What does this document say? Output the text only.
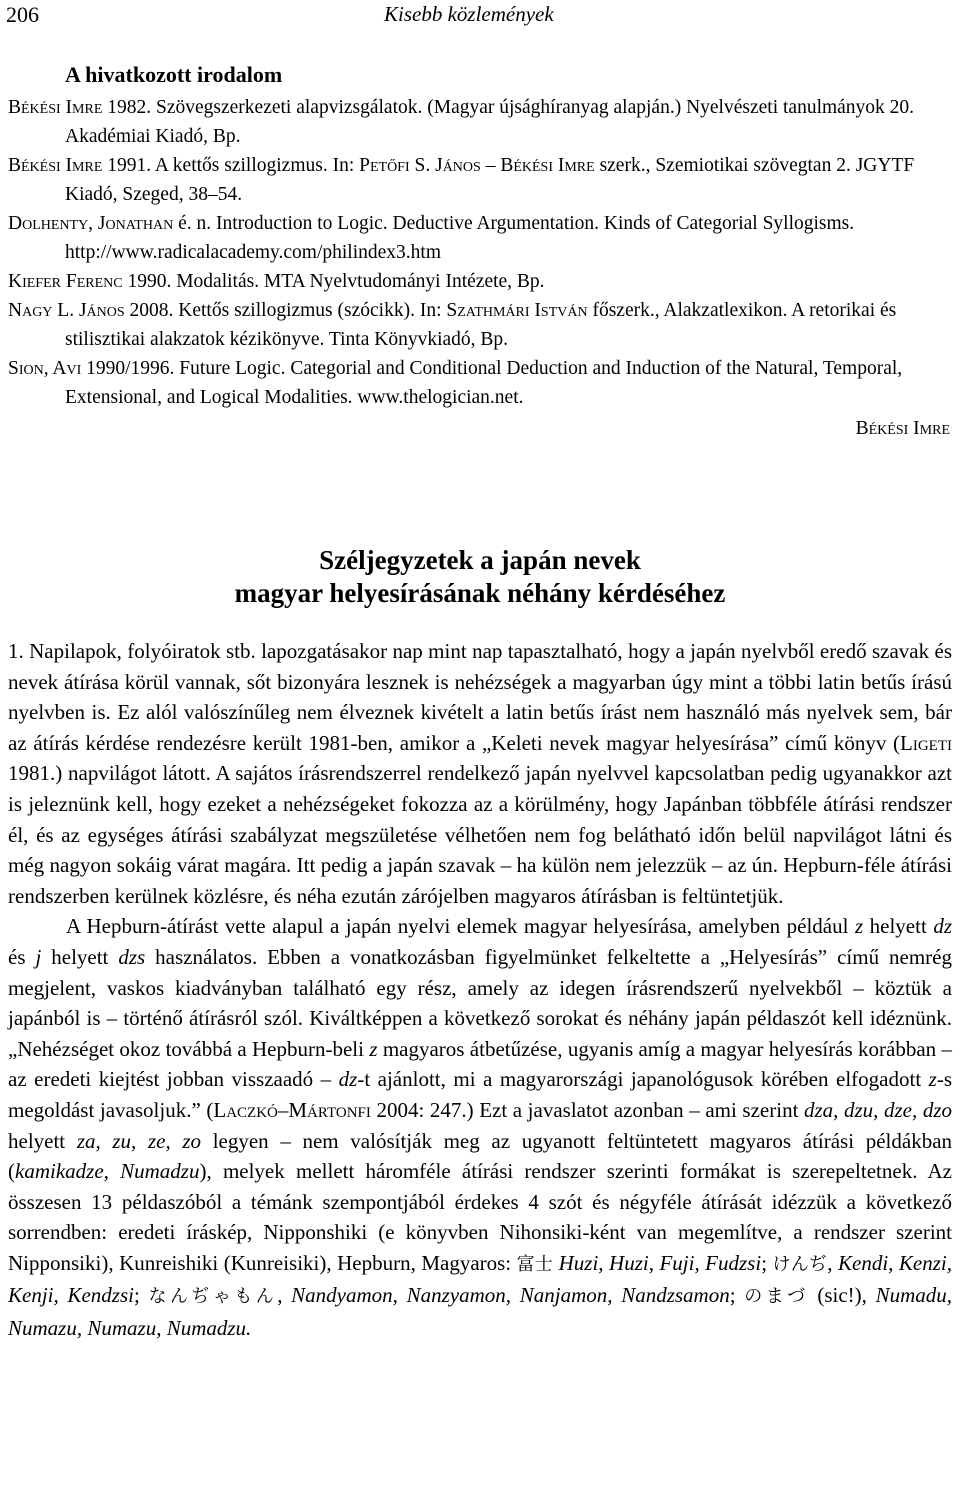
206	Kisebb közlemények
A hivatkozott irodalom

Békési Imre 1982. Szövegszerkezeti alapvizsgálatok. (Magyar újsághíranyag alapján.) Nyelvészeti tanulmányok 20. Akadémiai Kiadó, Bp.

Békési Imre 1991. A kettős szillogizmus. In: Petőfi S. János – Békési Imre szerk., Szemiotikai szövegtan 2. JGYTF Kiadó, Szeged, 38–54.

Dolhenty, Jonathan é. n. Introduction to Logic. Deductive Argumentation. Kinds of Categorial Syllogisms. http://www.radicalacademy.com/philindex3.htm

Kiefer Ferenc 1990. Modalitás. MTA Nyelvtudományi Intézete, Bp.

Nagy L. János 2008. Kettős szillogizmus (szócikk). In: Szathmári István főszerk., Alakzatlexikon. A retorikai és stilisztikai alakzatok kézikönyve. Tinta Könyvkiadó, Bp.

Sion, Avi 1990/1996. Future Logic. Categorial and Conditional Deduction and Induction of the Natural, Temporal, Extensional, and Logical Modalities. www.thelogician.net.

Békési Imre

Széljegyzetek a japán nevek
magyar helyesírásának néhány kérdéséhez

1. Napilapok, folyóiratok stb. lapozgatásakor nap mint nap tapasztalható, hogy a japán nyelvből eredő szavak és nevek átírása körül vannak, sőt bizonyára lesznek is nehézségek a magyarban úgy mint a többi latin betűs írású nyelvben is. Ez alól valószínűleg nem élveznek kivételt a latin betűs írást nem használó más nyelvek sem, bár az átírás kérdése rendezésre került 1981-ben, amikor a „Keleti nevek magyar helyesírása” című könyv (Ligeti 1981.) napvilágot látott. A sajátos írásrendszerrel rendelkező japán nyelvvel kapcsolatban pedig ugyanakkor azt is jeleznünk kell, hogy ezeket a nehézségeket fokozza az a körülmény, hogy Japánban többféle átírási rendszer él, és az egységes átírási szabályzat megszületése vélhetően nem fog belátható időn belül napvilágot látni és még nagyon sokáig várat magára. Itt pedig a japán szavak – ha külön nem jelezzük – az ún. Hepburn-féle átírási rendszerben kerülnek közlésre, és néha ezután zárójelben magyaros átírásban is feltüntetjük.

A Hepburn-átírást vette alapul a japán nyelvi elemek magyar helyesírása, amelyben például z helyett dz és j helyett dzs használatos. Ebben a vonatkozásban figyelmünket felkeltette a „Helyesírás” című nemrég megjelent, vaskos kiadványban található egy rész, amely az idegen írásrendszerű nyelvekből – köztük a japánból is – történő átírásról szól. Kiváltképpen a következő sorokat és néhány japán példaszót kell idéznünk. „Nehézséget okoz továbbá a Hepburn-beli z magyaros átbetűzése, ugyanis amíg a magyar helyesírás korábban – az eredeti kiejtést jobban visszaadó – dz-t ajánlott, mi a magyarországi japanológusok körében elfogadott z-s megoldást javasoljuk.” (Laczkó–Mártonfi 2004: 247.) Ezt a javaslatot azonban – ami szerint dza, dzu, dze, dzo helyett za, zu, ze, zo legyen – nem valósítják meg az ugyanott feltüntetett magyaros átírási példákban (kamikadze, Numadzu), melyek mellett háromféle átírási rendszer szerinti formákat is szerepeltetnek. Az összesen 13 példaszóból a témánk szempontjából érdekes 4 szót és négyféle átírását idézzük a következő sorrendben: eredeti íráskép, Nipponshiki (e könyvben Nihonsiki-ként van megemlítve, a rendszer szerint Nipponsiki), Kunreishiki (Kunreisiki), Hepburn, Magyaros: 富士 Huzi, Huzi, Fuji, Fudzsi; けんぢ, Kendi, Kenzi, Kenji, Kendzsi; なんぢゃもん, Nandyamon, Nanzyamon, Nanjamon, Nandzsamon; のまづ (sic!), Numadu, Numazu, Numazu, Numadzu.
